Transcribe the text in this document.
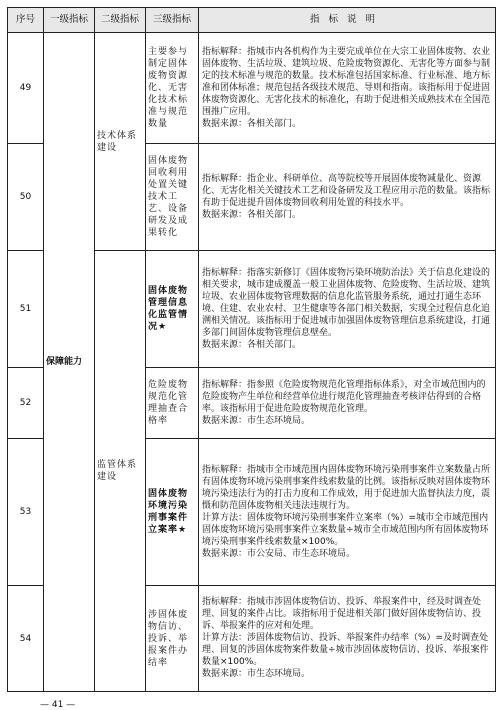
序号	一级指标	二级指标	三级指标	指标说明
49	保障能力	技术体系建设	主要参与制定固体废物资源化、无害化技术标准与规范数量	指标解释：指城市内各机构作为主要完成单位在大宗工业固体废物、农业固体废物、生活垃圾、建筑垃圾、危险废物资源化、无害化等方面参与制定的技术标准与规范的数量。技术标准包括国家标准、行业标准、地方标准和团体标准；规范包括各级技术规范、导则和指南。该指标用于促进固体废物资源化、无害化技术的标准化，有助于促进相关成熟技术在全国范围推广应用。
数据来源：各相关部门。

50			固体废物回收利用处置关键技术工艺、设备研发及成果转化	指标解释：指企业、科研单位、高等院校等开展固体废物减量化、资源化、无害化相关关键技术工艺和设备研发及工程应用示范的数量。该指标有助于促进提升固体废物回收利用处置的科技水平。
数据来源：各相关部门。

51		监管体系建设	固体废物管理信息化监管情况★	指标解释：指落实新修订《固体废物污染环境防治法》关于信息化建设的相关要求，城市建成覆盖一般工业固体废物、危险废物、生活垃圾、建筑垃圾、农业固体废物管理数据的信息化监管服务系统，通过打通生态环境、住建、农业农村、卫生健康等各部门相关数据，实现全过程信息化追溯相关情况。该指标用于促进城市加强固体废物管理信息系统建设，打通多部门间固体废物管理信息壁垒。
数据来源：各相关部门。

52			危险废物规范化管理抽查合格率	指标解释：指参照《危险废物规范化管理指标体系》，对全市域范围内的危险废物产生单位和经营单位进行规范化管理抽查考核评估得到的合格率。该指标用于促进危险废物规范化管理。
数据来源：市生态环境局。

53			固体废物环境污染刑事案件立案率★	指标解释：指城市全市域范围内固体废物环境污染刑事案件立案数量占所有固体废物环境污染刑事案件线索数量的比例。该指标反映对固体废物环境污染违法行为的打击力度和工作成效，用于促进加大监督执法力度，震慑和防范固体废物相关违法违规行为。
计算方法：固体废物环境污染刑事案件立案率（%）=城市全市域范围内固体废物环境污染刑事案件立案数量÷城市全市域范围内所有固体废物环境污染刑事案件线索数量×100%。
数据来源：市公安局、市生态环境局。

54			涉固体废物信访、投诉、举报案件办结率	指标解释：指城市涉固体废物信访、投诉、举报案件中，经及时调查处理、回复的案件占比。该指标用于促进相关部门做好固体废物信访、投诉、举报案件的应对和处理。
计算方法：涉固体废物信访、投诉、举报案件办结率（%）=及时调查处理、回复的涉固体废物案件数量÷城市涉固体废物信访、投诉、举报案件数量×100%。
数据来源：市生态环境局。
— 41 —
